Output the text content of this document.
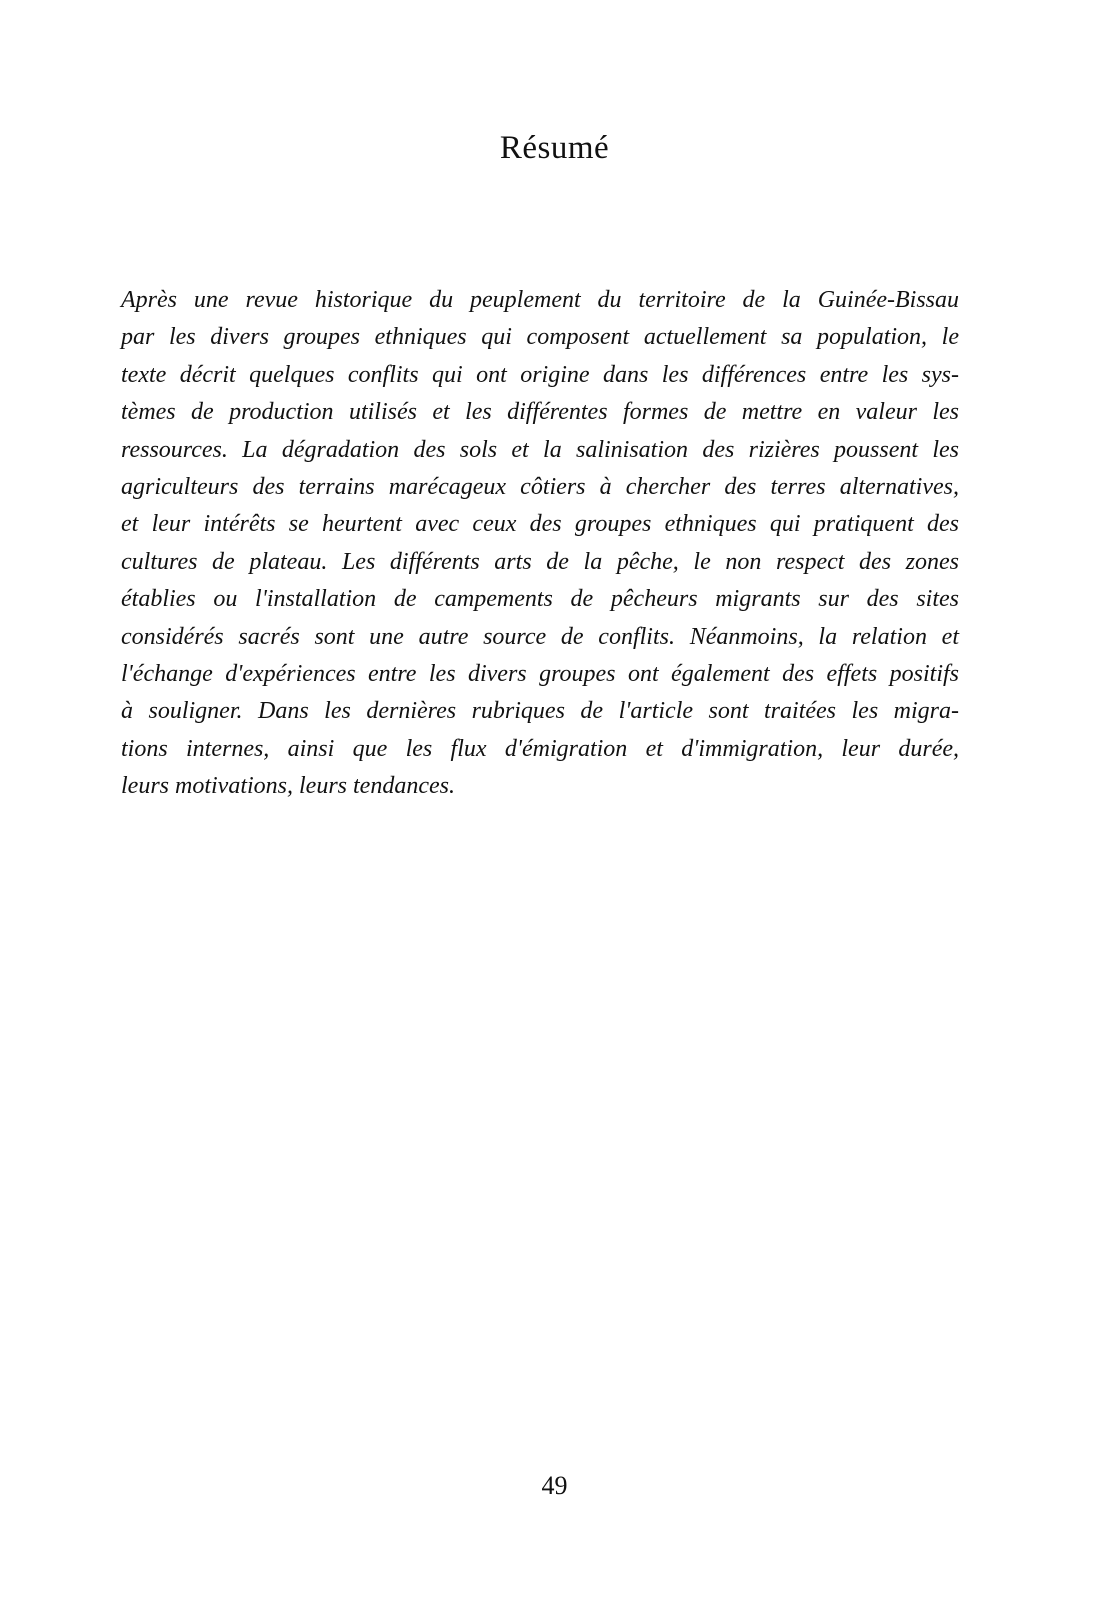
Résumé
Après une revue historique du peuplement du territoire de la Guinée-Bissau
par les divers groupes ethniques qui composent actuellement sa population, le
texte décrit quelques conflits qui ont origine dans les différences entre les sys-
tèmes de production utilisés et les différentes formes de mettre en valeur les
ressources. La dégradation des sols et la salinisation des rizières poussent les
agriculteurs des terrains marécageux côtiers à chercher des terres alternatives,
et leur intérêts se heurtent avec ceux des groupes ethniques qui pratiquent des
cultures de plateau. Les différents arts de la pêche, le non respect des zones
établies ou l'installation de campements de pêcheurs migrants sur des sites
considérés sacrés sont une autre source de conflits. Néanmoins, la relation et
l'échange d'expériences entre les divers groupes ont également des effets positifs
à souligner. Dans les dernières rubriques de l'article sont traitées les migra-
tions internes, ainsi que les flux d'émigration et d'immigration, leur durée,
leurs motivations, leurs tendances.
49
